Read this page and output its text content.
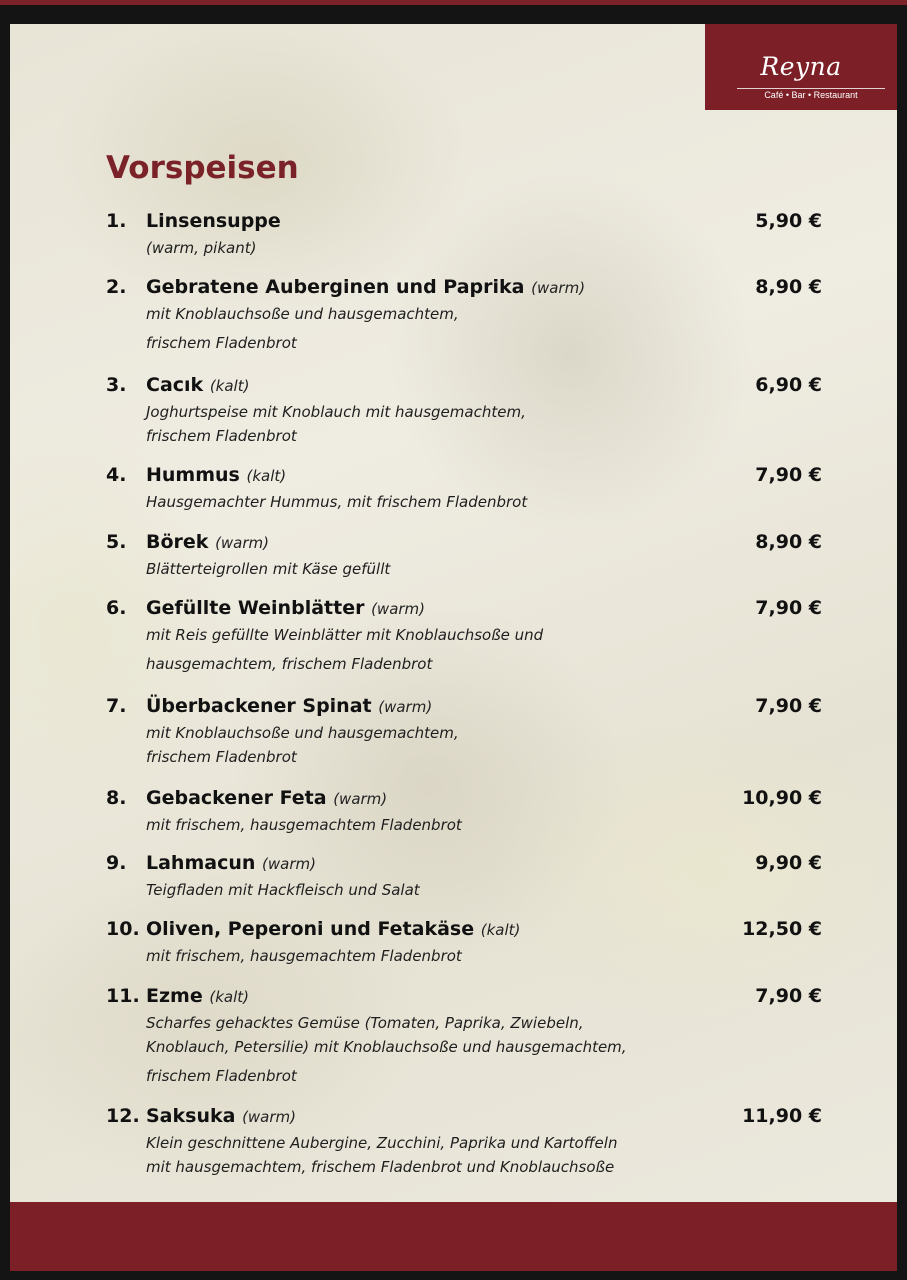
Reyna
Café • Bar • Restaurant
Vorspeisen
1. Linsensuppe	5,90 €
(warm, pikant)
2. Gebratene Auberginen und Paprika (warm)	8,90 €
mit Knoblauchsoße und hausgemachtem,
frischem Fladenbrot
3. Cacık (kalt)	6,90 €
Joghurtspeise mit Knoblauch mit hausgemachtem,
frischem Fladenbrot
4. Hummus (kalt)	7,90 €
Hausgemachter Hummus, mit frischem Fladenbrot
5. Börek (warm)	8,90 €
Blätterteigrollen mit Käse gefüllt
6. Gefüllte Weinblätter (warm)	7,90 €
mit Reis gefüllte Weinblätter mit Knoblauchsoße und
hausgemachtem, frischem Fladenbrot
7. Überbackener Spinat (warm)	7,90 €
mit Knoblauchsoße und hausgemachtem,
frischem Fladenbrot
8. Gebackener Feta (warm)	10,90 €
mit frischem, hausgemachtem Fladenbrot
9. Lahmacun (warm)	9,90 €
Teigfladen mit Hackfleisch und Salat
10. Oliven, Peperoni und Fetakäse (kalt)	12,50 €
mit frischem, hausgemachtem Fladenbrot
11. Ezme (kalt)	7,90 €
Scharfes gehacktes Gemüse (Tomaten, Paprika, Zwiebeln,
Knoblauch, Petersilie) mit Knoblauchsoße und hausgemachtem,
frischem Fladenbrot
12. Saksuka (warm)	11,90 €
Klein geschnittene Aubergine, Zucchini, Paprika und Kartoffeln
mit hausgemachtem, frischem Fladenbrot und Knoblauchsoße
